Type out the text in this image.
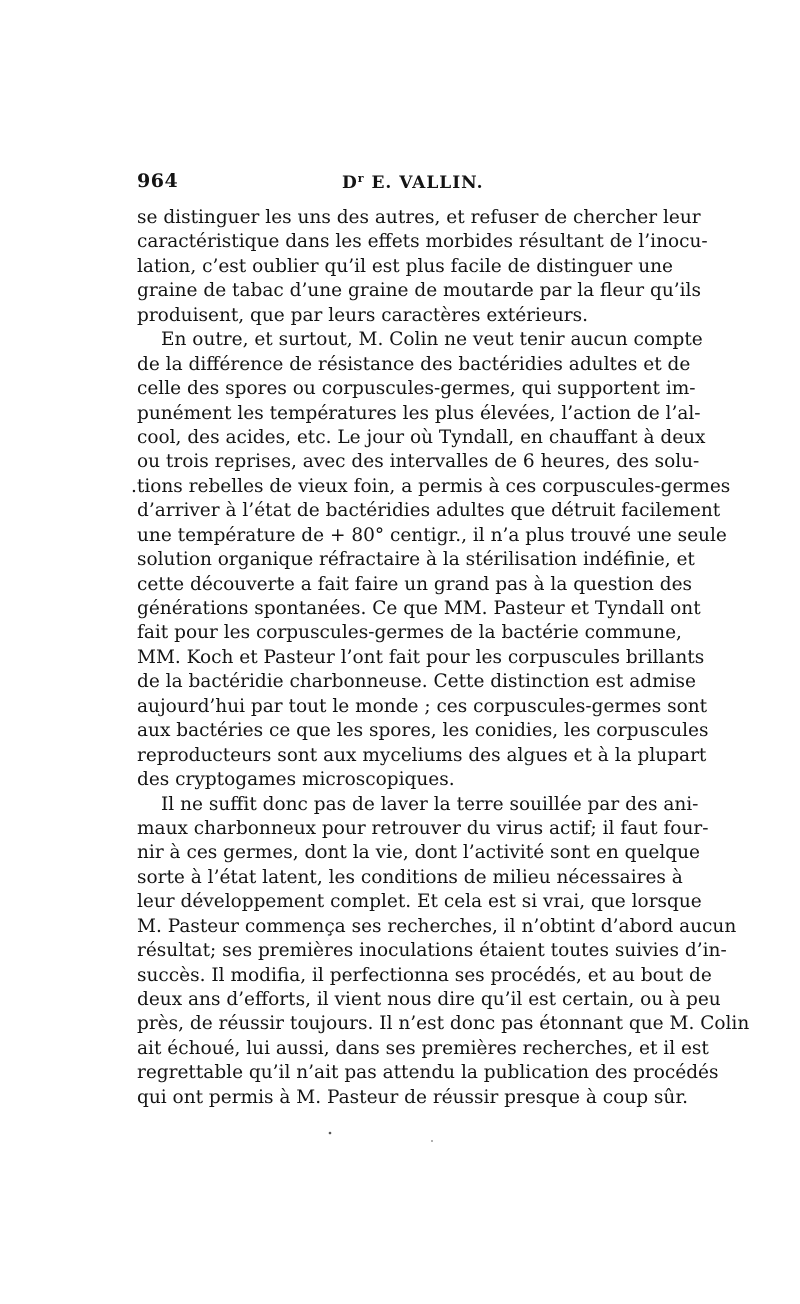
964	$D^r$ E. VALLIN.
se distinguer les uns des autres, et refuser de chercher leur
caractéristique dans les effets morbides résultant de l’inocu-
lation, c’est oublier qu’il est plus facile de distinguer une
graine de tabac d’une graine de moutarde par la fleur qu’ils
produisent, que par leurs caractères extérieurs.
En outre, et surtout, M. Colin ne veut tenir aucun compte
de la différence de résistance des bactéridies adultes et de
celle des spores ou corpuscules-germes, qui supportent im-
punément les températures les plus élevées, l’action de l’al-
cool, des acides, etc. Le jour où Tyndall, en chauffant à deux
ou trois reprises, avec des intervalles de 6 heures, des solu-
.tions rebelles de vieux foin, a permis à ces corpuscules-germes
d’arriver à l’état de bactéridies adultes que détruit facilement
une température de + 80° centigr., il n’a plus trouvé une seule
solution organique réfractaire à la stérilisation indéfinie, et
cette découverte a fait faire un grand pas à la question des
générations spontanées. Ce que MM. Pasteur et Tyndall ont
fait pour les corpuscules-germes de la bactérie commune,
MM. Koch et Pasteur l’ont fait pour les corpuscules brillants
de la bactéridie charbonneuse. Cette distinction est admise
aujourd’hui par tout le monde ; ces corpuscules-germes sont
aux bactéries ce que les spores, les conidies, les corpuscules
reproducteurs sont aux myceliums des algues et à la plupart
des cryptogames microscopiques.
Il ne suffit donc pas de laver la terre souillée par des ani-
maux charbonneux pour retrouver du virus actif; il faut four-
nir à ces germes, dont la vie, dont l’activité sont en quelque
sorte à l’état latent, les conditions de milieu nécessaires à
leur développement complet. Et cela est si vrai, que lorsque
M. Pasteur commença ses recherches, il n’obtint d’abord aucun
résultat; ses premières inoculations étaient toutes suivies d’in-
succès. Il modifia, il perfectionna ses procédés, et au bout de
deux ans d’efforts, il vient nous dire qu’il est certain, ou à peu
près, de réussir toujours. Il n’est donc pas étonnant que M. Colin
ait échoué, lui aussi, dans ses premières recherches, et il est
regrettable qu’il n’ait pas attendu la publication des procédés
qui ont permis à M. Pasteur de réussir presque à coup sûr.
